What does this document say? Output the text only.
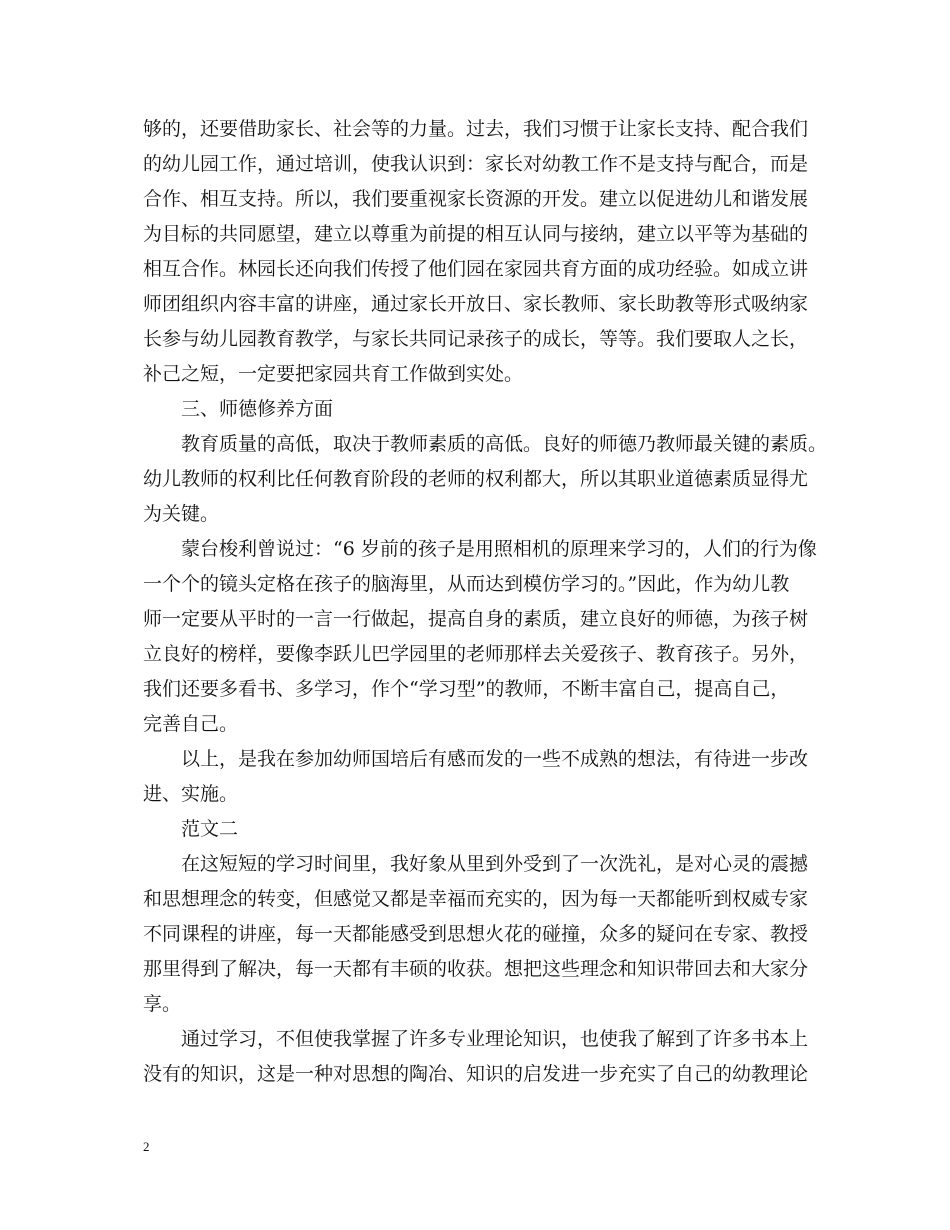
够的，还要借助家长、社会等的力量。过去，我们习惯于让家长支持、配合我们
的幼儿园工作，通过培训，使我认识到：家长对幼教工作不是支持与配合，而是
合作、相互支持。所以，我们要重视家长资源的开发。建立以促进幼儿和谐发展
为目标的共同愿望，建立以尊重为前提的相互认同与接纳，建立以平等为基础的
相互合作。林园长还向我们传授了他们园在家园共育方面的成功经验。如成立讲
师团组织内容丰富的讲座，通过家长开放日、家长教师、家长助教等形式吸纳家
长参与幼儿园教育教学，与家长共同记录孩子的成长，等等。我们要取人之长，
补己之短，一定要把家园共育工作做到实处。
三、师德修养方面
教育质量的高低，取决于教师素质的高低。良好的师德乃教师最关键的素质。
幼儿教师的权利比任何教育阶段的老师的权利都大，所以其职业道德素质显得尤
为关键。
蒙台梭利曾说过：“6 岁前的孩子是用照相机的原理来学习的，人们的行为像
一个个的镜头定格在孩子的脑海里，从而达到模仿学习的。”因此，作为幼儿教
师一定要从平时的一言一行做起，提高自身的素质，建立良好的师德，为孩子树
立良好的榜样，要像李跃儿巴学园里的老师那样去关爱孩子、教育孩子。另外，
我们还要多看书、多学习，作个“学习型”的教师，不断丰富自己，提高自己，
完善自己。
以上，是我在参加幼师国培后有感而发的一些不成熟的想法，有待进一步改
进、实施。
范文二
在这短短的学习时间里，我好象从里到外受到了一次洗礼，是对心灵的震撼
和思想理念的转变，但感觉又都是幸福而充实的，因为每一天都能听到权威专家
不同课程的讲座，每一天都能感受到思想火花的碰撞，众多的疑问在专家、教授
那里得到了解决，每一天都有丰硕的收获。想把这些理念和知识带回去和大家分
享。
通过学习，不但使我掌握了许多专业理论知识，也使我了解到了许多书本上
没有的知识，这是一种对思想的陶冶、知识的启发进一步充实了自己的幼教理论
2
